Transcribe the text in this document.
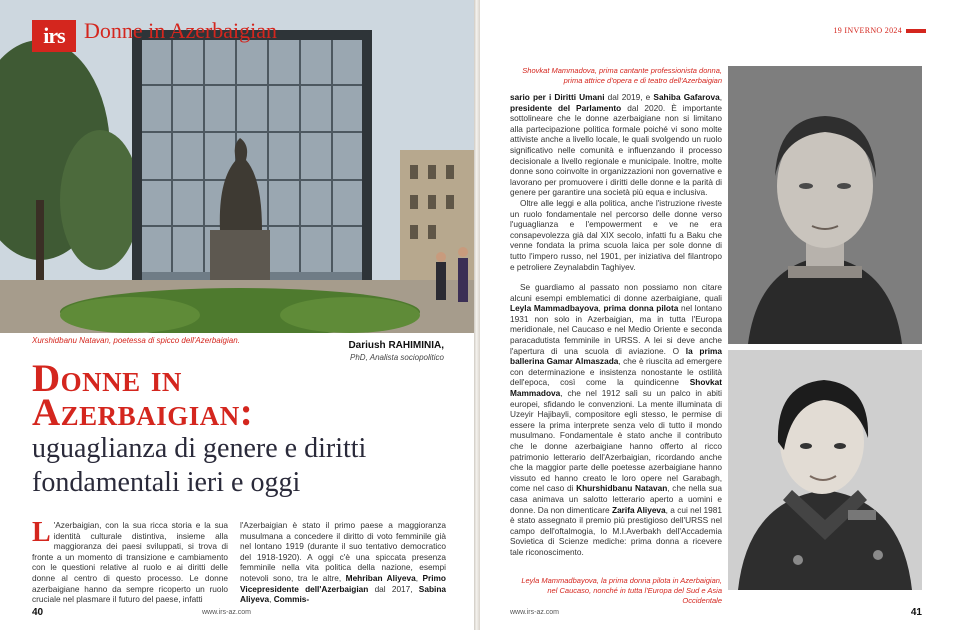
irs Donne in Azerbaigian
Xurshidbanu Natavan, poetessa di spicco dell'Azerbaigian.	Dariush RAHIMINIA,
PhD, Analista sociopolitico
Donne in
Azerbaigian:
uguaglianza di genere e diritti
fondamentali ieri e oggi
L 'Azerbaigian, con la sua ricca storia e la sua identità culturale distintiva, insieme alla maggioranza dei paesi sviluppati, si trova di fronte a un momento di transizione e cambiamento con le questioni relative al ruolo e ai diritti delle donne al centro di questo processo. Le donne azerbaigiane hanno da sempre ricoperto un ruolo cruciale nel plasmare il futuro del paese, infatti
l'Azerbaigian è stato il primo paese a maggioranza musulmana a concedere il diritto di voto femminile già nel lontano 1919 (durante il suo tentativo democratico del 1918-1920). A oggi c'è una spiccata presenza femminile nella vita politica della nazione, esempi notevoli sono, tra le altre, Mehriban Aliyeva, Primo Vicepresidente dell'Azerbaigian dal 2017, Sabina Aliyeva, Commis-
40	www.irs-az.com
19 INVERNO 2024
Shovkat Mammadova, prima cantante professionista donna, prima attrice d'opera e di teatro dell'Azerbaigian
sario per i Diritti Umani dal 2019, e Sahiba Gafarova, presidente del Parlamento dal 2020. È importante sottolineare che le donne azerbaigiane non si limitano alla partecipazione politica formale poiché vi sono molte attiviste anche a livello locale, le quali svolgendo un ruolo significativo nelle comunità e influenzando il processo decisionale a livello regionale e municipale. Inoltre, molte donne sono coinvolte in organizzazioni non governative e lavorano per promuovere i diritti delle donne e la parità di genere per garantire una società più equa e inclusiva.
Oltre alle leggi e alla politica, anche l'istruzione riveste un ruolo fondamentale nel percorso delle donne verso l'uguaglianza e l'empowerment e ve ne era consapevolezza già dal XIX secolo, infatti fu a Baku che venne fondata la prima scuola laica per sole donne di tutto l'impero russo, nel 1901, per iniziativa del filantropo e petroliere Zeynalabdin Taghiyev.
Se guardiamo al passato non possiamo non citare alcuni esempi emblematici di donne azerbaigiane, quali Leyla Mammadbayova, prima donna pilota nel lontano 1931 non solo in Azerbaigian, ma in tutta l'Europa meridionale, nel Caucaso e nel Medio Oriente e seconda paracadutista femminile in URSS. A lei si deve anche l'apertura di una scuola di aviazione. O la prima ballerina Gamar Almaszada, che è riuscita ad emergere con determinazione e insistenza nonostante le ostilità dell'epoca, così come la quindicenne Shovkat Mammadova, che nel 1912 salì su un palco in abiti europei, sfidando le convenzioni. La mente illuminata di Uzeyir Hajibayli, compositore egli stesso, le permise di essere la prima interprete senza velo di tutto il mondo musulmano. Fondamentale è stato anche il contributo che le donne azerbaigiane hanno offerto al ricco patrimonio letterario dell'Azerbaigian, ricordando anche che la maggior parte delle poetesse azerbaigiane hanno vissuto ed hanno creato le loro opere nel Garabagh, come nel caso di Khurshidbanu Natavan, che nella sua casa animava un salotto letterario aperto a uomini e donne. Da non dimenticare Zarifa Aliyeva, a cui nel 1981 è stato assegnato il premio più prestigioso dell'URSS nel campo dell'oftalmogia, lo M.I.Averbakh dell'Accademia Sovietica di Scienze mediche: prima donna a ricevere tale riconoscimento.
Leyla Mammadbayova, la prima donna pilota in Azerbaigian, nel Caucaso, nonché in tutta l'Europa del Sud e Asia Occidentale
www.irs-az.com	41
